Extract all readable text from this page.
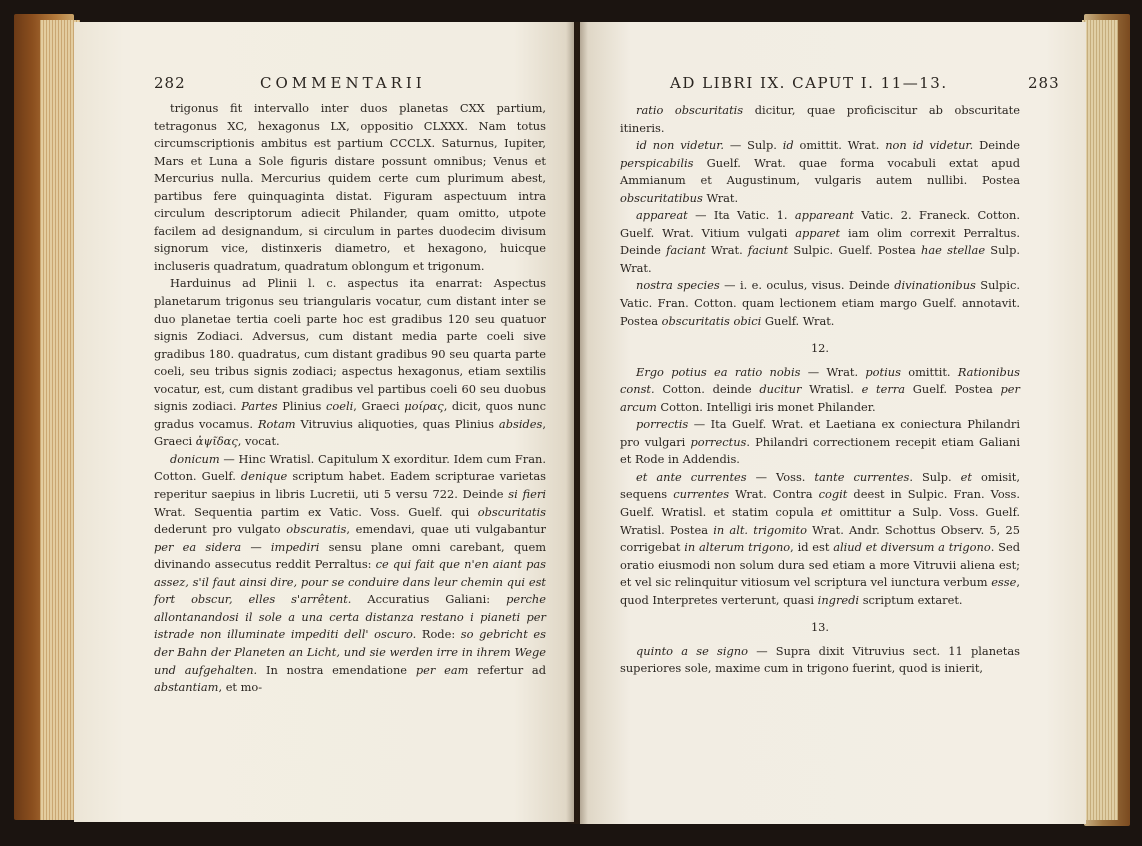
282	COMMENTARII

trigonus fit intervallo inter duos planetas CXX partium, tetragonus XC, hexagonus LX, oppositio CLXXX. Nam totus circumscriptionis ambitus est partium CCCLX. Saturnus, Iupiter, Mars et Luna a Sole figuris distare possunt omnibus; Venus et Mercurius nulla. Mercurius quidem certe cum plurimum abest, partibus fere quinquaginta distat. Figuram aspectuum intra circulum descriptorum adiecit Philander, quam omitto, utpote facilem ad designandum, si circulum in partes duodecim divisum signorum vice, distinxeris diametro, et hexagono, huicque incluseris quadratum, quadratum oblongum et trigonum.

Harduinus ad Plinii l. c. aspectus ita enarrat: Aspectus planetarum trigonus seu triangularis vocatur, cum distant inter se duo planetae tertia coeli parte hoc est gradibus 120 seu quatuor signis Zodiaci. Adversus, cum distant media parte coeli sive gradibus 180. quadratus, cum distant gradibus 90 seu quarta parte coeli, seu tribus signis zodiaci; aspectus hexagonus, etiam sextilis vocatur, est, cum distant gradibus vel partibus coeli 60 seu duobus signis zodiaci. Partes Plinius coeli, Graeci μοίρας, dicit, quos nunc gradus vocamus. Rotam Vitruvius aliquoties, quas Plinius absides, Graeci ἀψῖδας, vocat.

donicum — Hinc Wratisl. Capitulum X exorditur. Idem cum Fran. Cotton. Guelf. denique scriptum habet. Eadem scripturae varietas reperitur saepius in libris Lucretii, uti 5 versu 722. Deinde si fieri Wrat. Sequentia partim ex Vatic. Voss. Guelf. qui obscuritatis dederunt pro vulgato obscuratis, emendavi, quae uti vulgabantur per ea sidera — impediri sensu plane omni carebant, quem divinando assecutus reddit Perraltus: ce qui fait que n'en aiant pas assez, s'il faut ainsi dire, pour se conduire dans leur chemin qui est fort obscur, elles s'arrêtent. Accuratius Galiani: perche allontanandosi il sole a una certa distanza restano i pianeti per istrade non illuminate impediti dell' oscuro. Rode: so gebricht es der Bahn der Planeten an Licht, und sie werden irre in ihrem Wege und aufgehalten. In nostra emendatione per eam refertur ad abstantiam, et mo-

AD LIBRI IX. CAPUT I. 11—13.	283

ratio obscuritatis dicitur, quae proficiscitur ab obscuritate itineris.

id non videtur. — Sulp. id omittit. Wrat. non id videtur. Deinde perspicabilis Guelf. Wrat. quae forma vocabuli extat apud Ammianum et Augustinum, vulgaris autem nullibi. Postea obscuritatibus Wrat.

appareat — Ita Vatic. 1. appareant Vatic. 2. Franeck. Cotton. Guelf. Wrat. Vitium vulgati apparet iam olim correxit Perraltus. Deinde faciant Wrat. faciunt Sulpic. Guelf. Postea hae stellae Sulp. Wrat.

nostra species — i. e. oculus, visus. Deinde divinationibus Sulpic. Vatic. Fran. Cotton. quam lectionem etiam margo Guelf. annotavit. Postea obscuritatis obici Guelf. Wrat.

12.

Ergo potius ea ratio nobis — Wrat. potius omittit. Rationibus const. Cotton. deinde ducitur Wratisl. e terra Guelf. Postea per arcum Cotton. Intelligi iris monet Philander.

porrectis — Ita Guelf. Wrat. et Laetiana ex coniectura Philandri pro vulgari porrectus. Philandri correctionem recepit etiam Galiani et Rode in Addendis.

et ante currentes — Voss. tante currentes. Sulp. et omisit, sequens currentes Wrat. Contra cogit deest in Sulpic. Fran. Voss. Guelf. Wratisl. et statim copula et omittitur a Sulp. Voss. Guelf. Wratisl. Postea in alt. trigomito Wrat. Andr. Schottus Observ. 5, 25 corrigebat in alterum trigono, id est aliud et diversum a trigono. Sed oratio eiusmodi non solum dura sed etiam a more Vitruvii aliena est; et vel sic relinquitur vitiosum vel scriptura vel iunctura verbum esse, quod Interpretes verterunt, quasi ingredi scriptum extaret.

13.

quinto a se signo — Supra dixit Vitruvius sect. 11 planetas superiores sole, maxime cum in trigono fuerint, quod is inierit,
